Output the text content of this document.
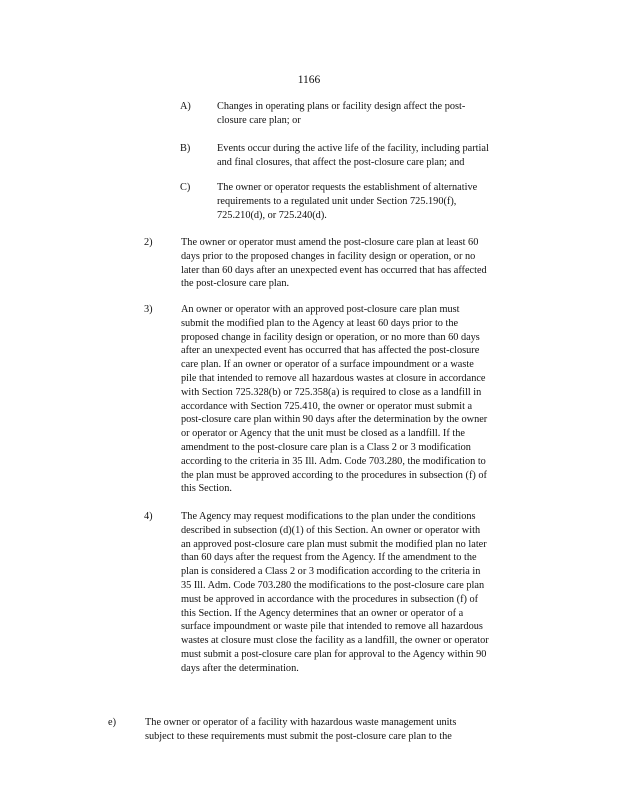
1166
A)	Changes in operating plans or facility design affect the post-
closure care plan; or
B)	Events occur during the active life of the facility, including partial
and final closures, that affect the post-closure care plan; and
C)	The owner or operator requests the establishment of alternative
requirements to a regulated unit under Section 725.190(f),
725.210(d), or 725.240(d).
2)	The owner or operator must amend the post-closure care plan at least 60
days prior to the proposed changes in facility design or operation, or no
later than 60 days after an unexpected event has occurred that has affected
the post-closure care plan.
3)	An owner or operator with an approved post-closure care plan must
submit the modified plan to the Agency at least 60 days prior to the
proposed change in facility design or operation, or no more than 60 days
after an unexpected event has occurred that has affected the post-closure
care plan. If an owner or operator of a surface impoundment or a waste
pile that intended to remove all hazardous wastes at closure in accordance
with Section 725.328(b) or 725.358(a) is required to close as a landfill in
accordance with Section 725.410, the owner or operator must submit a
post-closure care plan within 90 days after the determination by the owner
or operator or Agency that the unit must be closed as a landfill. If the
amendment to the post-closure care plan is a Class 2 or 3 modification
according to the criteria in 35 Ill. Adm. Code 703.280, the modification to
the plan must be approved according to the procedures in subsection (f) of
this Section.
4)	The Agency may request modifications to the plan under the conditions
described in subsection (d)(1) of this Section. An owner or operator with
an approved post-closure care plan must submit the modified plan no later
than 60 days after the request from the Agency. If the amendment to the
plan is considered a Class 2 or 3 modification according to the criteria in
35 Ill. Adm. Code 703.280 the modifications to the post-closure care plan
must be approved in accordance with the procedures in subsection (f) of
this Section. If the Agency determines that an owner or operator of a
surface impoundment or waste pile that intended to remove all hazardous
wastes at closure must close the facility as a landfill, the owner or operator
must submit a post-closure care plan for approval to the Agency within 90
days after the determination.
e)	The owner or operator of a facility with hazardous waste management units
subject to these requirements must submit the post-closure care plan to the
